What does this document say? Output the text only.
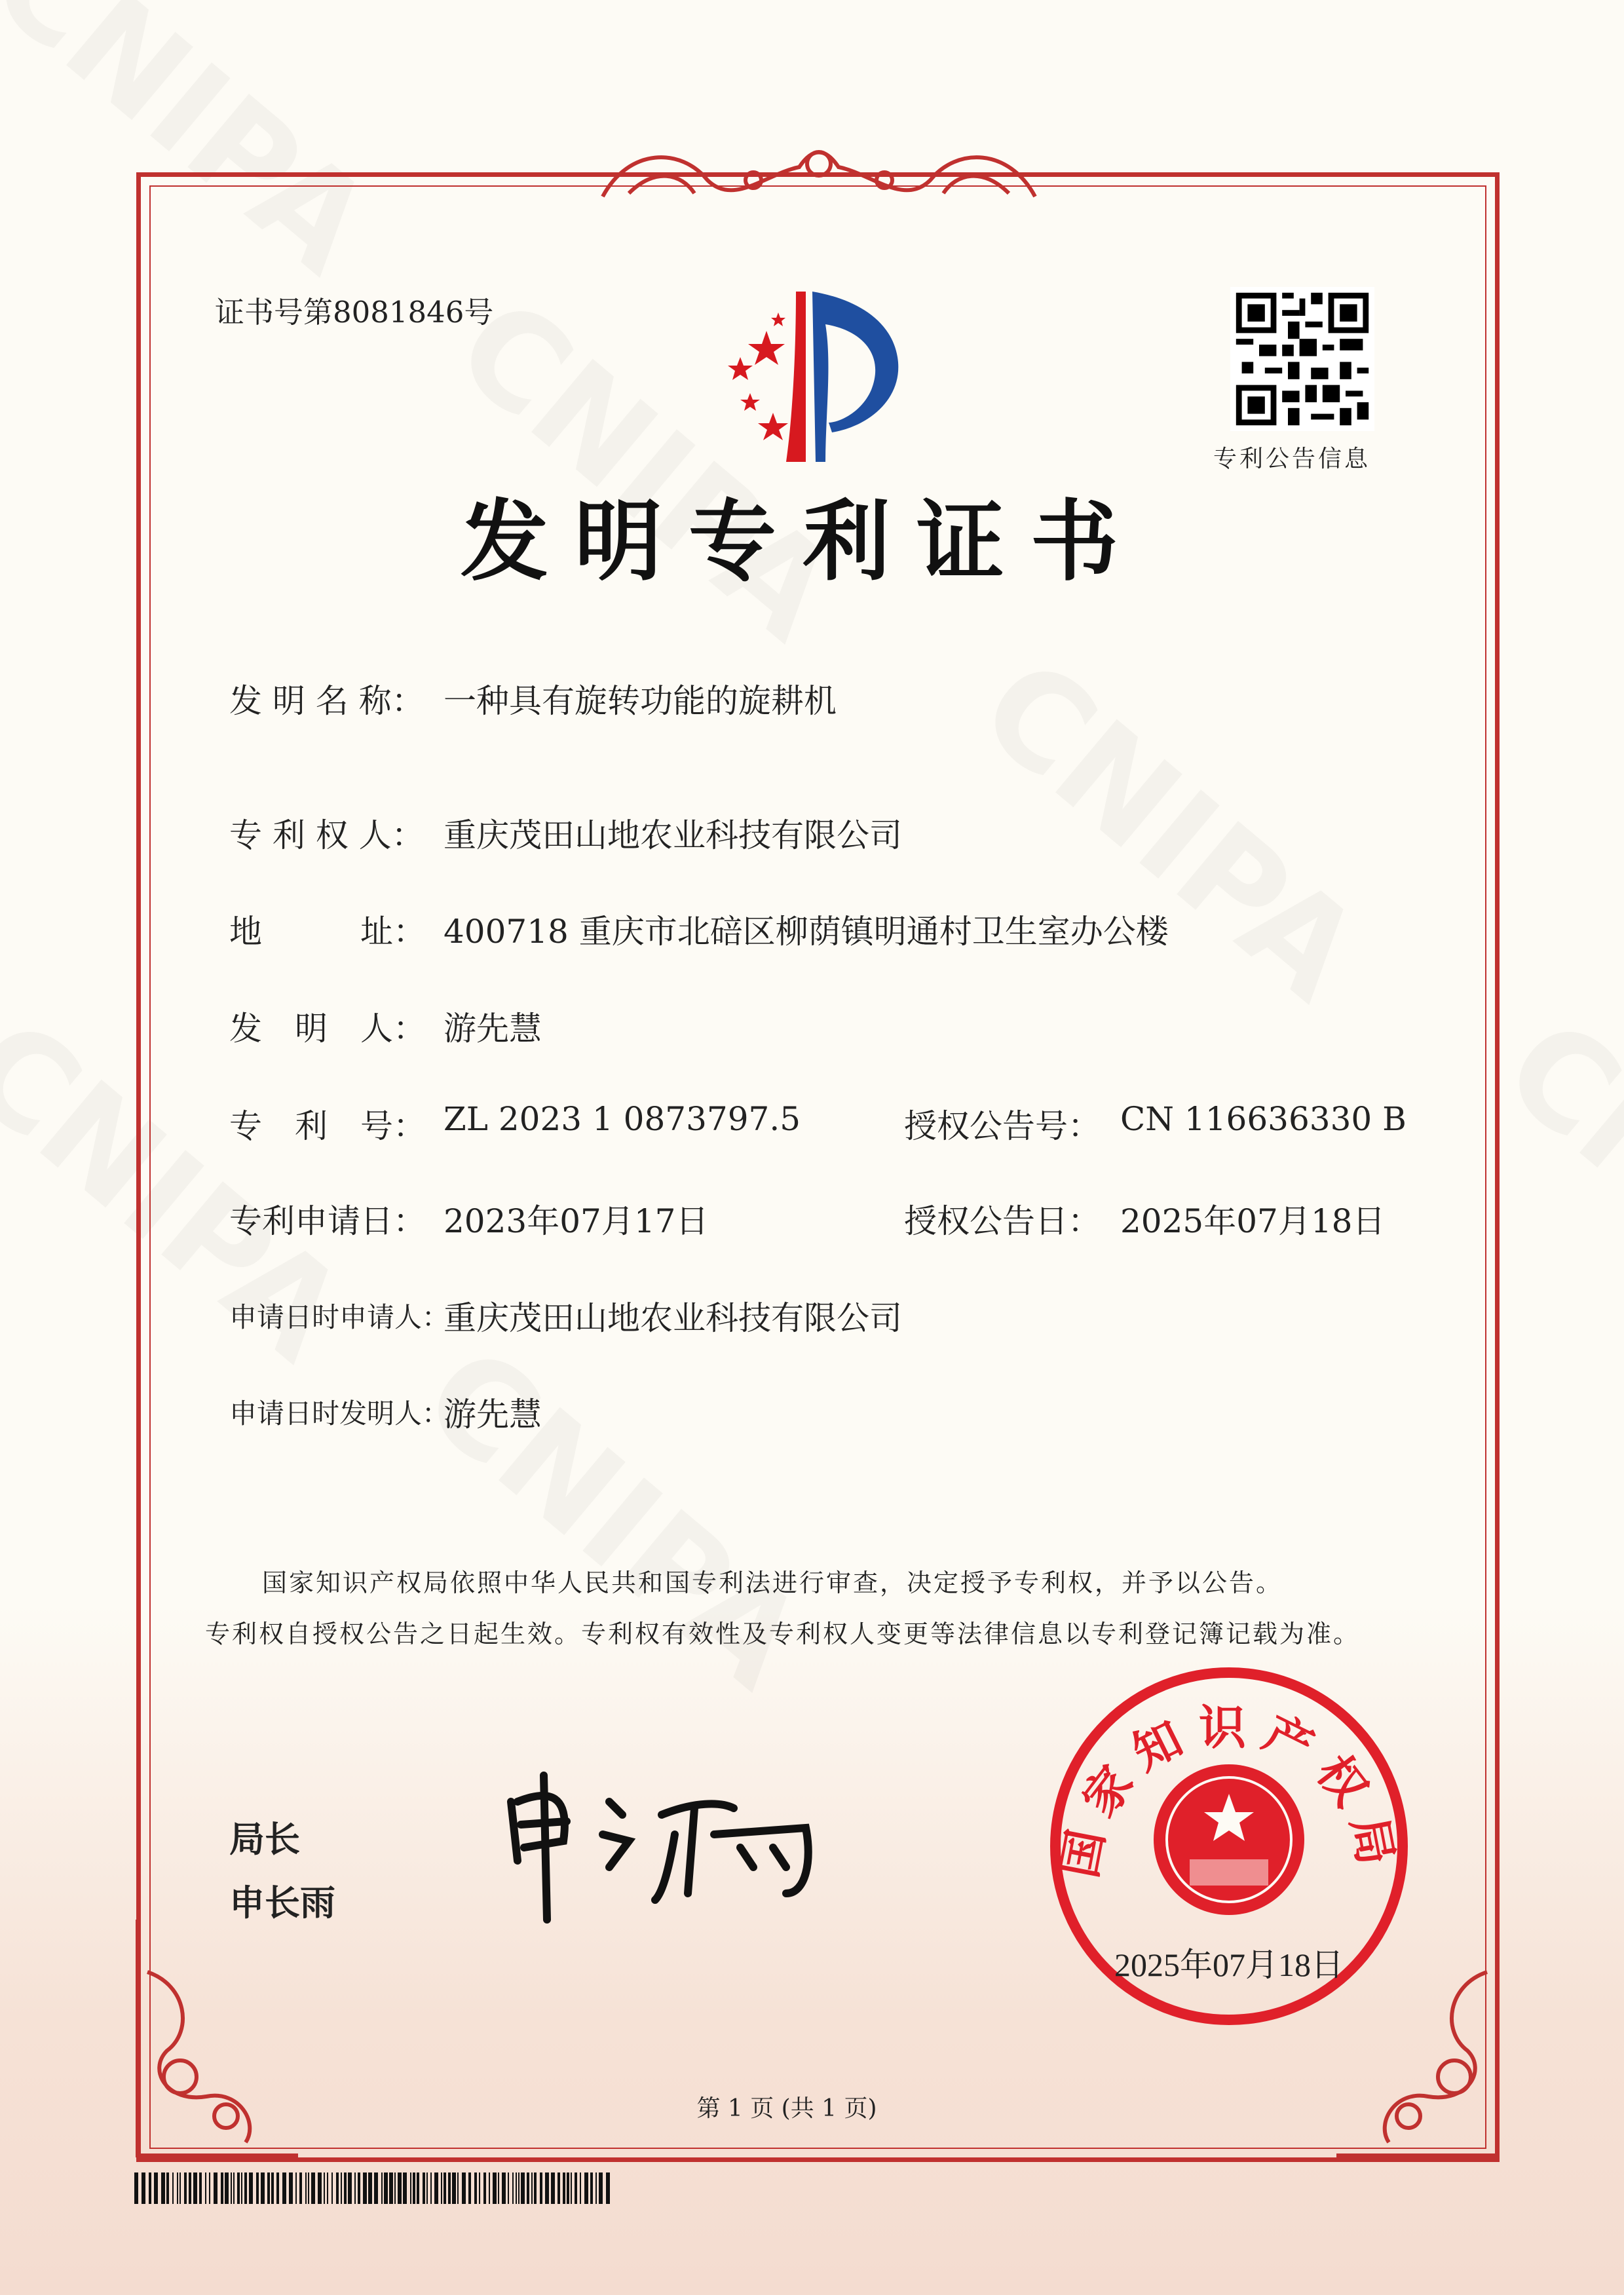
证书号第8081846号
专利公告信息
发明专利证书
发 明 名 称： 一种具有旋转功能的旋耕机
专 利 权 人： 重庆茂田山地农业科技有限公司
地　　　址： 400718 重庆市北碚区柳荫镇明通村卫生室办公楼
发　明　人： 游先慧
专　利　号： ZL 2023 1 0873797.5	授权公告号： CN 116636330 B
专利申请日： 2023年07月17日	授权公告日： 2025年07月18日
申请日时申请人：
重庆茂田山地农业科技有限公司
申请日时发明人：
游先慧
国家知识产权局依照中华人民共和国专利法进行审查，决定授予专利权，并予以公告。
专利权自授权公告之日起生效。专利权有效性及专利权人变更等法律信息以专利登记簿记载为准。
局长
申长雨
国家知识产权局
2025年07月18日
第 1 页 (共 1 页)
